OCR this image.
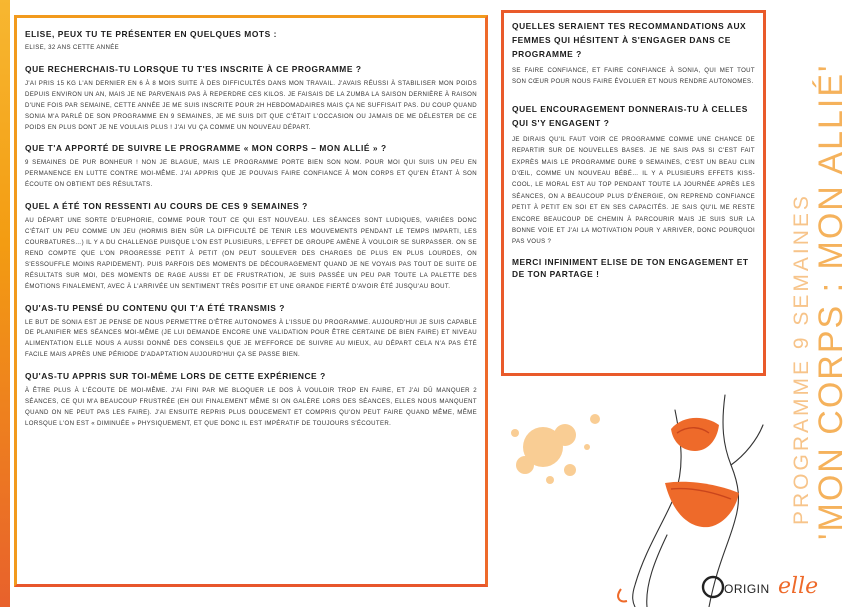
ELISE, PEUX TU TE PRÉSENTER EN QUELQUES MOTS :
ELISE, 32 ANS CETTE ANNÉE
QUE RECHERCHAIS-TU LORSQUE TU T'ES INSCRITE À CE PROGRAMME ?
J'AI PRIS 15 KG L'AN DERNIER EN 6 À 8 MOIS SUITE À DES DIFFICULTÉS DANS MON TRAVAIL. J'AVAIS RÉUSSI À STABILISER MON POIDS DEPUIS ENVIRON UN AN, MAIS JE NE PARVENAIS PAS À REPERDRE CES KILOS. JE FAISAIS DE LA ZUMBA LA SAISON DERNIÈRE À RAISON D'UNE FOIS PAR SEMAINE, CETTE ANNÉE JE ME SUIS INSCRITE POUR 2H HEBDOMADAIRES MAIS ÇA NE SUFFISAIT PAS. DU COUP QUAND SONIA M'A PARLÉ DE SON PROGRAMME EN 9 SEMAINES, JE ME SUIS DIT QUE C'ÉTAIT L'OCCASION OU JAMAIS DE ME DÉLESTER DE CE POIDS EN PLUS DONT JE NE VOULAIS PLUS ! J'AI VU ÇA COMME UN NOUVEAU DÉPART.
QUE T'A APPORTÉ DE SUIVRE LE PROGRAMME « MON CORPS – MON ALLIÉ » ?
9 SEMAINES DE PUR BONHEUR ! NON JE BLAGUE, MAIS LE PROGRAMME PORTE BIEN SON NOM. POUR MOI QUI SUIS UN PEU EN PERMANENCE EN LUTTE CONTRE MOI-MÊME. J'AI APPRIS QUE JE POUVAIS FAIRE CONFIANCE À MON CORPS ET QU'EN ÉTANT À SON ÉCOUTE ON OBTIENT DES RÉSULTATS.
QUEL A ÉTÉ TON RESSENTI AU COURS DE CES 9 SEMAINES ?
AU DÉPART UNE SORTE D'EUPHORIE, COMME POUR TOUT CE QUI EST NOUVEAU. LES SÉANCES SONT LUDIQUES, VARIÉES DONC C'ÉTAIT UN PEU COMME UN JEU (HORMIS BIEN SÛR LA DIFFICULTÉ DE TENIR LES MOUVEMENTS PENDANT LE TEMPS IMPARTI, LES COURBATURES…) IL Y A DU CHALLENGE PUISQUE L'ON EST PLUSIEURS, L'EFFET DE GROUPE AMÈNE À VOULOIR SE SURPASSER. ON SE REND COMPTE QUE L'ON PROGRESSE PETIT À PETIT (ON PEUT SOULEVER DES CHARGES DE PLUS EN PLUS LOURDES, ON S'ESSOUFFLE MOINS RAPIDEMENT). PUIS PARFOIS DES MOMENTS DE DÉCOURAGEMENT QUAND JE NE VOYAIS PAS TOUT DE SUITE DE RÉSULTATS SUR MOI, DES MOMENTS DE RAGE AUSSI ET DE FRUSTRATION, JE SUIS PASSÉE UN PEU PAR TOUTE LA PALETTE DES ÉMOTIONS FINALEMENT, AVEC À L'ARRIVÉE UN SENTIMENT TRÈS POSITIF ET UNE GRANDE FIERTÉ D'AVOIR ÉTÉ JUSQU'AU BOUT.
QU'AS-TU PENSÉ DU CONTENU QUI T'A ÉTÉ TRANSMIS ?
LE BUT DE SONIA EST JE PENSE DE NOUS PERMETTRE D'ÊTRE AUTONOMES À L'ISSUE DU PROGRAMME. AUJOURD'HUI JE SUIS CAPABLE DE PLANIFIER MES SÉANCES MOI-MÊME (JE LUI DEMANDE ENCORE UNE VALIDATION POUR ÊTRE CERTAINE DE BIEN FAIRE) ET NIVEAU ALIMENTATION ELLE NOUS A AUSSI DONNÉ DES CONSEILS QUE JE M'EFFORCE DE SUIVRE AU MIEUX, AU DÉPART CELA N'A PAS ÉTÉ FACILE MAIS APRÈS UNE PÉRIODE D'ADAPTATION AUJOURD'HUI ÇA SE PASSE BIEN.
QU'AS-TU APPRIS SUR TOI-MÊME LORS DE CETTE EXPÉRIENCE ?
À ÊTRE PLUS À L'ÉCOUTE DE MOI-MÊME. J'AI FINI PAR ME BLOQUER LE DOS À VOULOIR TROP EN FAIRE, ET J'AI DÛ MANQUER 2 SÉANCES, CE QUI M'A BEAUCOUP FRUSTRÉE (EH OUI FINALEMENT MÊME SI ON GALÈRE LORS DES SÉANCES, ELLES NOUS MANQUENT QUAND ON NE PEUT PAS LES FAIRE). J'AI ENSUITE REPRIS PLUS DOUCEMENT ET COMPRIS QU'ON PEUT FAIRE QUAND MÊME, MÊME LORSQUE L'ON EST « DIMINUÉE » PHYSIQUEMENT, ET QUE DONC IL EST IMPÉRATIF DE TOUJOURS S'ÉCOUTER.
QUELLES SERAIENT TES RECOMMANDATIONS AUX FEMMES QUI HÉSITENT À S'ENGAGER DANS CE PROGRAMME ?
SE FAIRE CONFIANCE, ET FAIRE CONFIANCE À SONIA, QUI MET TOUT SON CŒUR POUR NOUS FAIRE ÉVOLUER ET NOUS RENDRE AUTONOMES.
QUEL ENCOURAGEMENT DONNERAIS-TU À CELLES QUI S'Y ENGAGENT ?
JE DIRAIS QU'IL FAUT VOIR CE PROGRAMME COMME UNE CHANCE DE REPARTIR SUR DE NOUVELLES BASES. JE NE SAIS PAS SI C'EST FAIT EXPRÈS MAIS LE PROGRAMME DURE 9 SEMAINES, C'EST UN BEAU CLIN D'ŒIL, COMME UN NOUVEAU BÉBÉ… IL Y A PLUSIEURS EFFETS KISS-COOL, LE MORAL EST AU TOP PENDANT TOUTE LA JOURNÉE APRÈS LES SÉANCES, ON A BEAUCOUP PLUS D'ÉNERGIE, ON REPREND CONFIANCE PETIT À PETIT EN SOI ET EN SES CAPACITÉS. JE SAIS QU'IL ME RESTE ENCORE BEAUCOUP DE CHEMIN À PARCOURIR MAIS JE SUIS SUR LA BONNE VOIE ET J'AI LA MOTIVATION POUR Y ARRIVER, DONC POURQUOI PAS VOUS ?
MERCI INFINIMENT ELISE DE TON ENGAGEMENT ET DE TON PARTAGE !	PROGRAMME 9 SEMAINES 'MON CORPS : MON ALLIÉ'
ORIGIN elle
